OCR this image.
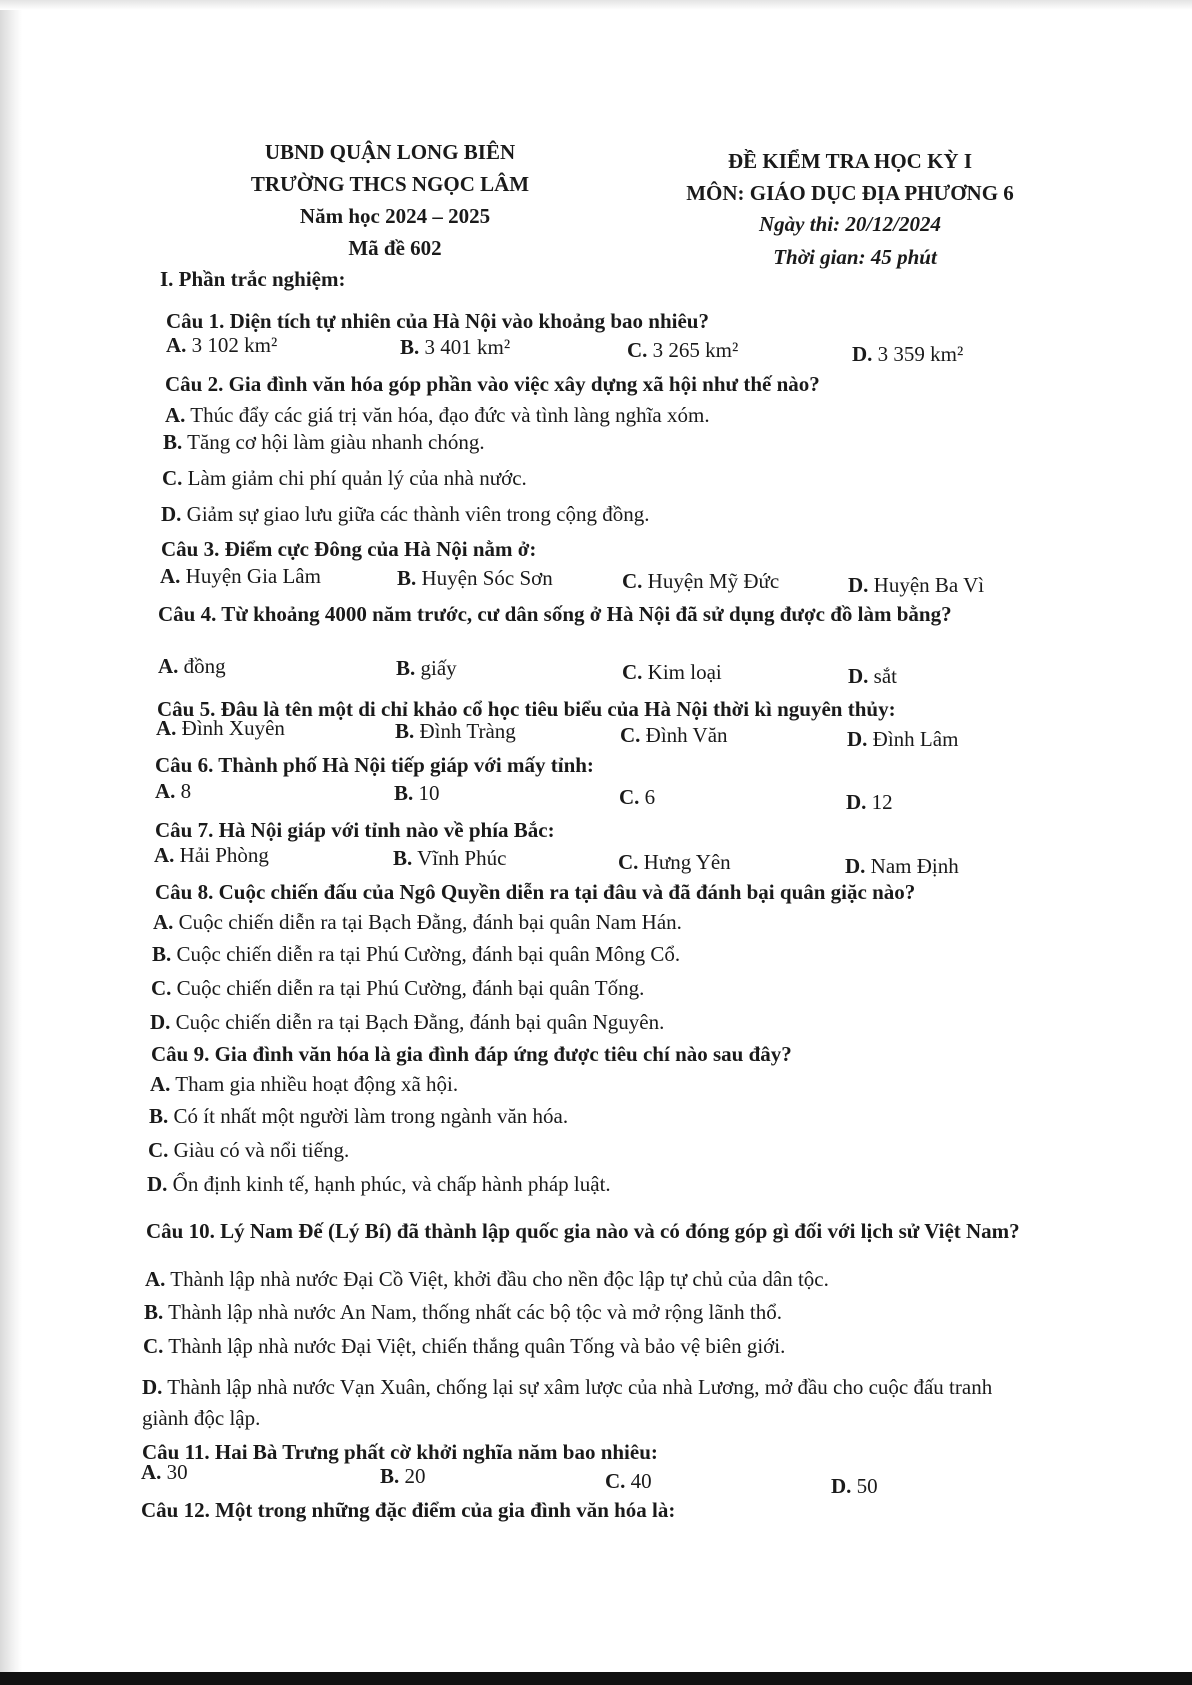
UBND QUẬN LONG BIÊN
TRƯỜNG THCS NGỌC LÂM
Năm học 2024 – 2025
Mã đề 602
ĐỀ KIỂM TRA HỌC KỲ I
MÔN: GIÁO DỤC ĐỊA PHƯƠNG 6
Ngày thi: 20/12/2024
Thời gian: 45 phút
I. Phần trắc nghiệm:
Câu 1. Diện tích tự nhiên của Hà Nội vào khoảng bao nhiêu?
A. 3 102 km²	B. 3 401 km²	C. 3 265 km²	D. 3 359 km²
Câu 2. Gia đình văn hóa góp phần vào việc xây dựng xã hội như thế nào?
A. Thúc đẩy các giá trị văn hóa, đạo đức và tình làng nghĩa xóm.
B. Tăng cơ hội làm giàu nhanh chóng.
C. Làm giảm chi phí quản lý của nhà nước.
D. Giảm sự giao lưu giữa các thành viên trong cộng đồng.
Câu 3. Điểm cực Đông của Hà Nội nằm ở:
A. Huyện Gia Lâm	B. Huyện Sóc Sơn	C. Huyện Mỹ Đức	D. Huyện Ba Vì
Câu 4. Từ khoảng 4000 năm trước, cư dân sống ở Hà Nội đã sử dụng được đồ làm bằng?
A. đồng	B. giấy	C. Kim loại	D. sắt
Câu 5. Đâu là tên một di chỉ khảo cổ học tiêu biểu của Hà Nội thời kì nguyên thủy:
A. Đình Xuyên	B. Đình Tràng	C. Đình Văn	D. Đình Lâm
Câu 6. Thành phố Hà Nội tiếp giáp với mấy tỉnh:
A. 8	B. 10	C. 6	D. 12
Câu 7. Hà Nội giáp với tỉnh nào về phía Bắc:
A. Hải Phòng	B. Vĩnh Phúc	C. Hưng Yên	D. Nam Định
Câu 8. Cuộc chiến đấu của Ngô Quyền diễn ra tại đâu và đã đánh bại quân giặc nào?
A. Cuộc chiến diễn ra tại Bạch Đằng, đánh bại quân Nam Hán.
B. Cuộc chiến diễn ra tại Phú Cường, đánh bại quân Mông Cổ.
C. Cuộc chiến diễn ra tại Phú Cường, đánh bại quân Tống.
D. Cuộc chiến diễn ra tại Bạch Đằng, đánh bại quân Nguyên.
Câu 9. Gia đình văn hóa là gia đình đáp ứng được tiêu chí nào sau đây?
A. Tham gia nhiều hoạt động xã hội.
B. Có ít nhất một người làm trong ngành văn hóa.
C. Giàu có và nổi tiếng.
D. Ổn định kinh tế, hạnh phúc, và chấp hành pháp luật.
Câu 10. Lý Nam Đế (Lý Bí) đã thành lập quốc gia nào và có đóng góp gì đối với lịch sử Việt Nam?
A. Thành lập nhà nước Đại Cồ Việt, khởi đầu cho nền độc lập tự chủ của dân tộc.
B. Thành lập nhà nước An Nam, thống nhất các bộ tộc và mở rộng lãnh thổ.
C. Thành lập nhà nước Đại Việt, chiến thắng quân Tống và bảo vệ biên giới.
D. Thành lập nhà nước Vạn Xuân, chống lại sự xâm lược của nhà Lương, mở đầu cho cuộc đấu tranh giành độc lập.
Câu 11. Hai Bà Trưng phất cờ khởi nghĩa năm bao nhiêu:
A. 30	B. 20	C. 40	D. 50
Câu 12. Một trong những đặc điểm của gia đình văn hóa là:
